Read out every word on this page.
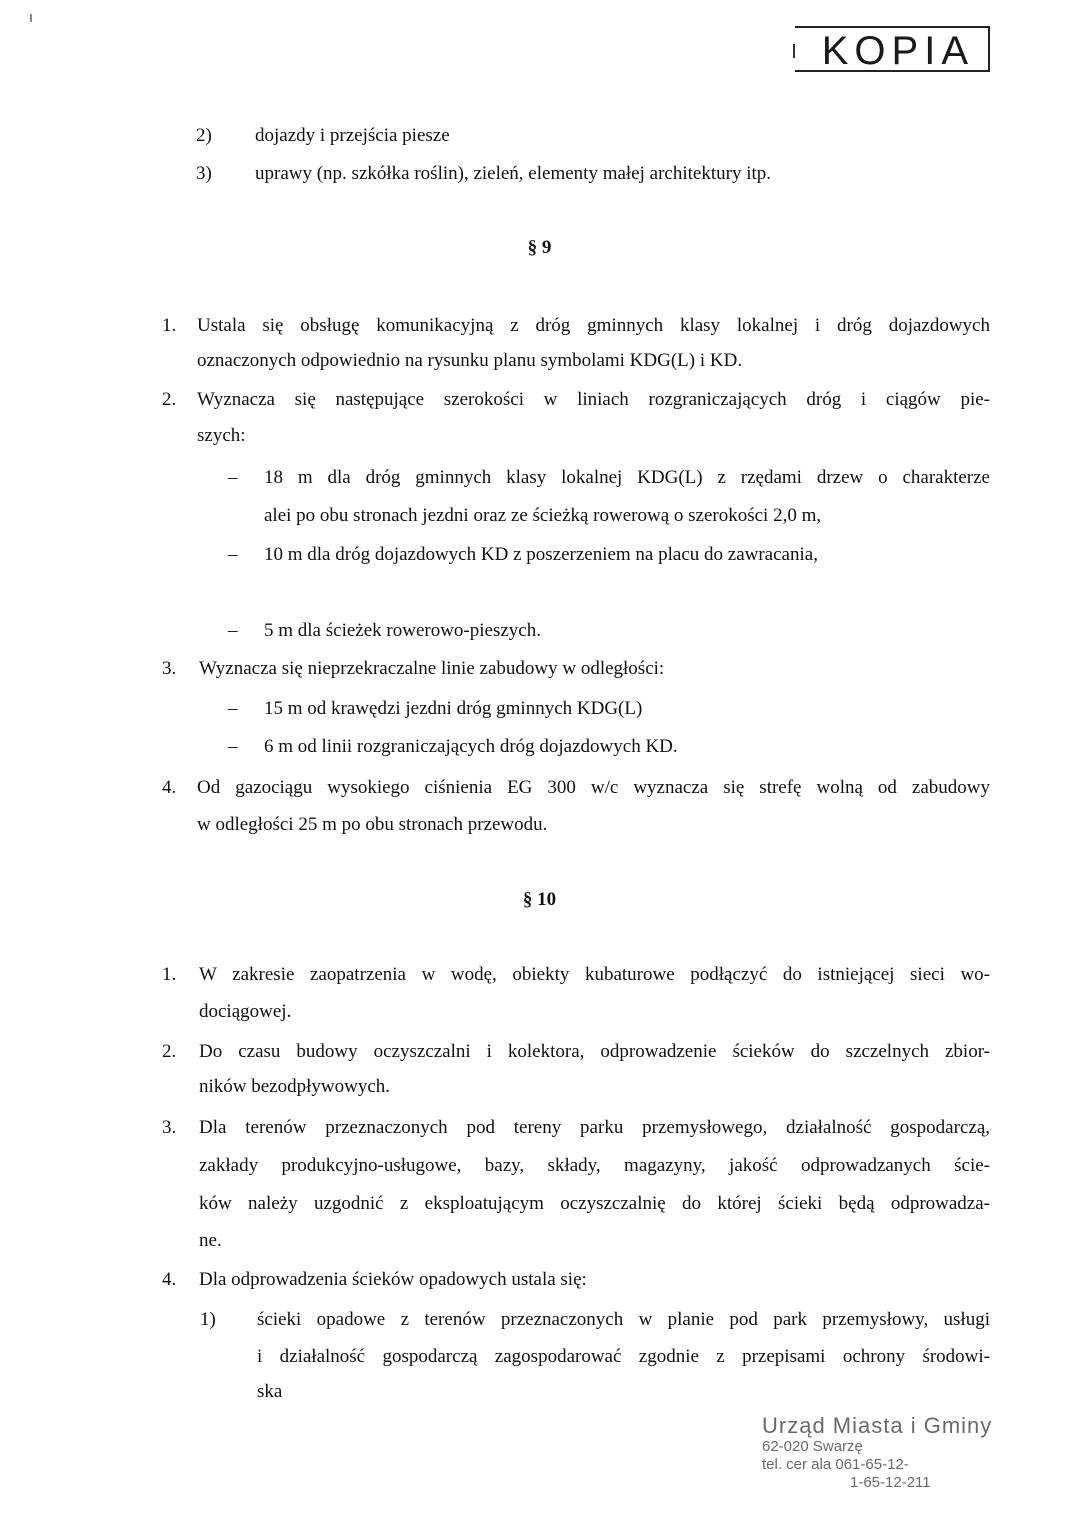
KOPIA
2) dojazdy i przejścia piesze
3) uprawy (np. szkółka roślin), zieleń, elementy małej architektury itp.
§ 9
1. Ustala się obsługę komunikacyjną z dróg gminnych klasy lokalnej i dróg dojazdowych
oznaczonych odpowiednio na rysunku planu symbolami KDG(L) i KD.
2. Wyznacza się następujące szerokości w liniach rozgraniczających dróg i ciągów pie-
szych:
– 18 m dla dróg gminnych klasy lokalnej KDG(L) z rzędami drzew o charakterze
alei po obu stronach jezdni oraz ze ścieżką rowerową o szerokości 2,0 m,
– 10 m dla dróg dojazdowych KD z poszerzeniem na placu do zawracania,
– 5 m dla ścieżek rowerowo-pieszych.
3. Wyznacza się nieprzekraczalne linie zabudowy w odległości:
– 15 m od krawędzi jezdni dróg gminnych KDG(L)
– 6 m od linii rozgraniczających dróg dojazdowych KD.
4. Od gazociągu wysokiego ciśnienia EG 300 w/c wyznacza się strefę wolną od zabudowy
w odległości 25 m po obu stronach przewodu.
§ 10
1. W zakresie zaopatrzenia w wodę, obiekty kubaturowe podłączyć do istniejącej sieci wo-
dociągowej.
2. Do czasu budowy oczyszczalni i kolektora, odprowadzenie ścieków do szczelnych zbior-
ników bezodpływowych.
3. Dla terenów przeznaczonych pod tereny parku przemysłowego, działalność gospodarczą,
zakłady produkcyjno-usługowe, bazy, składy, magazyny, jakość odprowadzanych ście-
ków należy uzgodnić z eksploatującym oczyszczalnię do której ścieki będą odprowadza-
ne.
4. Dla odprowadzenia ścieków opadowych ustala się:
1) ścieki opadowe z terenów przeznaczonych w planie pod park przemysłowy, usługi
i działalność gospodarczą zagospodarować zgodnie z przepisami ochrony środowi-
ska
Urząd Miasta i Gminy
62-020 Swarzę
tel. cer ala 061-65-12-
1-65-12-211
